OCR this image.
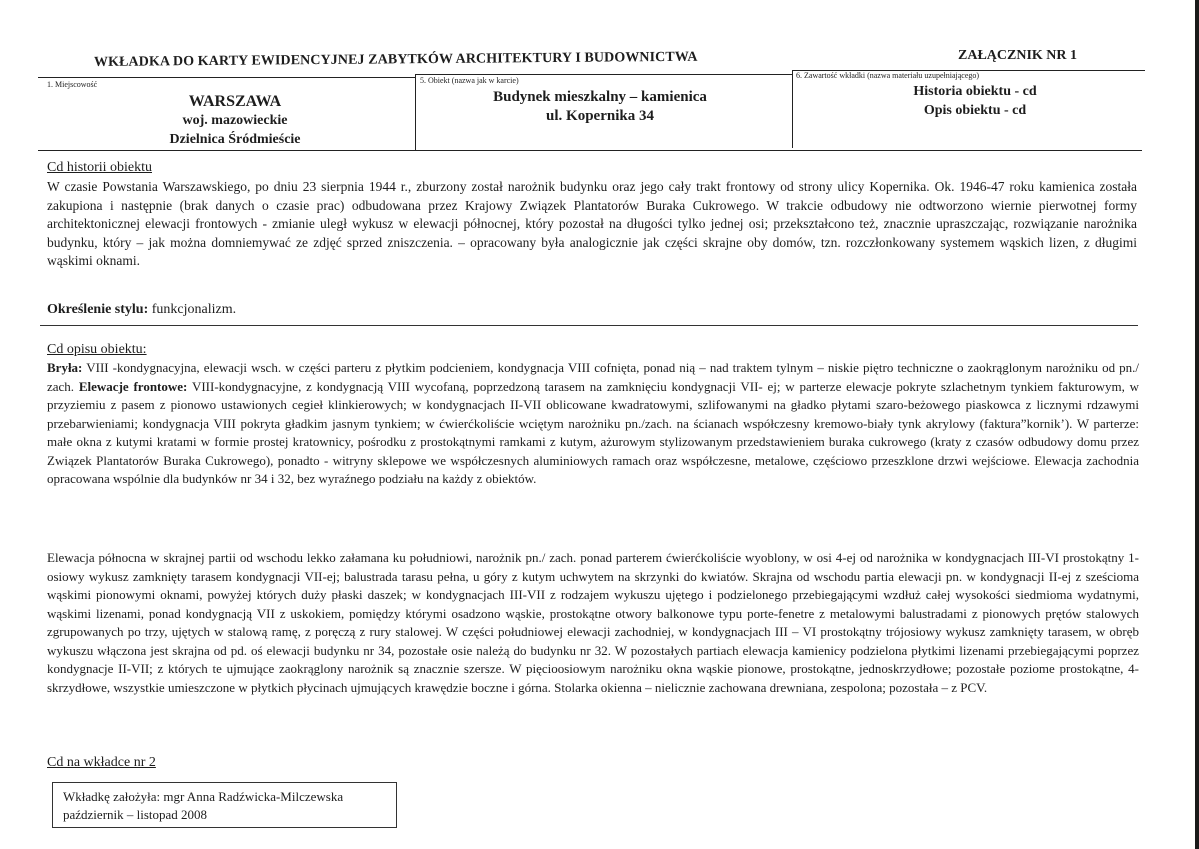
WKŁADKA DO KARTY EWIDENCYJNEJ ZABYTKÓW ARCHITEKTURY I BUDOWNICTWA	ZAŁĄCZNIK NR 1
1. Miejscowość
WARSZAWA
woj. mazowieckie
Dzielnica Śródmieście
5. Obiekt (nazwa jak w karcie)
Budynek mieszkalny – kamienica
ul. Kopernika 34
6. Zawartość wkładki (nazwa materiału uzupełniającego)
Historia obiektu - cd
Opis obiektu - cd
Cd historii obiektu

W czasie Powstania Warszawskiego, po dniu 23 sierpnia 1944 r., zburzony został narożnik budynku oraz jego cały trakt frontowy od strony ulicy Kopernika. Ok. 1946-47 roku kamienica została zakupiona i następnie (brak danych o czasie prac) odbudowana przez Krajowy Związek Plantatorów Buraka Cukrowego. W trakcie odbudowy nie odtworzono wiernie pierwotnej formy architektonicznej elewacji frontowych - zmianie uległ wykusz w elewacji północnej, który pozostał na długości tylko jednej osi; przekształcono też, znacznie upraszczając, rozwiązanie narożnika budynku, który – jak można domniemywać ze zdjęć sprzed zniszczenia. – opracowany była analogicznie jak części skrajne oby domów, tzn. rozczłonkowany systemem wąskich lizen, z długimi wąskimi oknami.

Określenie stylu: funkcjonalizm.
Cd opisu obiektu:

Bryła: VIII -kondygnacyjna, elewacji wsch. w części parteru z płytkim podcieniem, kondygnacja VIII cofnięta, ponad nią – nad traktem tylnym – niskie piętro techniczne o zaokrąglonym narożniku od pn./ zach. Elewacje frontowe: VIII-kondygnacyjne, z kondygnacją VIII wycofaną, poprzedzoną tarasem na zamknięciu kondygnacji VII- ej; w parterze elewacje pokryte szlachetnym tynkiem fakturowym, w przyziemiu z pasem z pionowo ustawionych cegieł klinkierowych; w kondygnacjach II-VII oblicowane kwadratowymi, szlifowanymi na gładko płytami szaro-beżowego piaskowca z licznymi rdzawymi przebarwieniami; kondygnacja VIII pokryta gładkim jasnym tynkiem; w ćwierćkoliście wciętym narożniku pn./zach. na ścianach współczesny kremowo-biały tynk akrylowy (faktura”kornik’). W parterze: małe okna z kutymi kratami w formie prostej kratownicy, pośrodku z prostokątnymi ramkami z kutym, ażurowym stylizowanym przedstawieniem buraka cukrowego (kraty z czasów odbudowy domu przez Związek Plantatorów Buraka Cukrowego), ponadto - witryny sklepowe we współczesnych aluminiowych ramach oraz współczesne, metalowe, częściowo przeszklone drzwi wejściowe. Elewacja zachodnia opracowana wspólnie dla budynków nr 34 i 32, bez wyraźnego podziału na każdy z obiektów.

Elewacja północna w skrajnej partii od wschodu lekko załamana ku południowi, narożnik pn./ zach. ponad parterem ćwierćkoliście wyoblony, w osi 4-ej od narożnika w kondygnacjach III-VI prostokątny 1-osiowy wykusz zamknięty tarasem kondygnacji VII-ej; balustrada tarasu pełna, u góry z kutym uchwytem na skrzynki do kwiatów. Skrajna od wschodu partia elewacji pn. w kondygnacji II-ej z sześcioma wąskimi pionowymi oknami, powyżej których duży płaski daszek; w kondygnacjach III-VII z rodzajem wykuszu ujętego i podzielonego przebiegającymi wzdłuż całej wysokości siedmioma wydatnymi, wąskimi lizenami, ponad kondygnacją VII z uskokiem, pomiędzy którymi osadzono wąskie, prostokątne otwory balkonowe typu porte-fenetre z metalowymi balustradami z pionowych prętów stalowych zgrupowanych po trzy, ujętych w stalową ramę, z poręczą z rury stalowej. W części południowej elewacji zachodniej, w kondygnacjach III – VI prostokątny trójosiowy wykusz zamknięty tarasem, w obręb wykuszu włączona jest skrajna od pd. oś elewacji budynku nr 34, pozostałe osie należą do budynku nr 32. W pozostałych partiach elewacja kamienicy podzielona płytkimi lizenami przebiegającymi poprzez kondygnacje II-VII; z których te ujmujące zaokrąglony narożnik są znacznie szersze. W pięcioosiowym narożniku okna wąskie pionowe, prostokątne, jednoskrzydłowe; pozostałe poziome prostokątne, 4-skrzydłowe, wszystkie umieszczone w płytkich płycinach ujmujących krawędzie boczne i górna. Stolarka okienna – nielicznie zachowana drewniana, zespolona; pozostała – z PCV.

Cd na wkładce nr 2
Wkładkę założyła: mgr Anna Radźwicka-Milczewska
październik – listopad 2008
